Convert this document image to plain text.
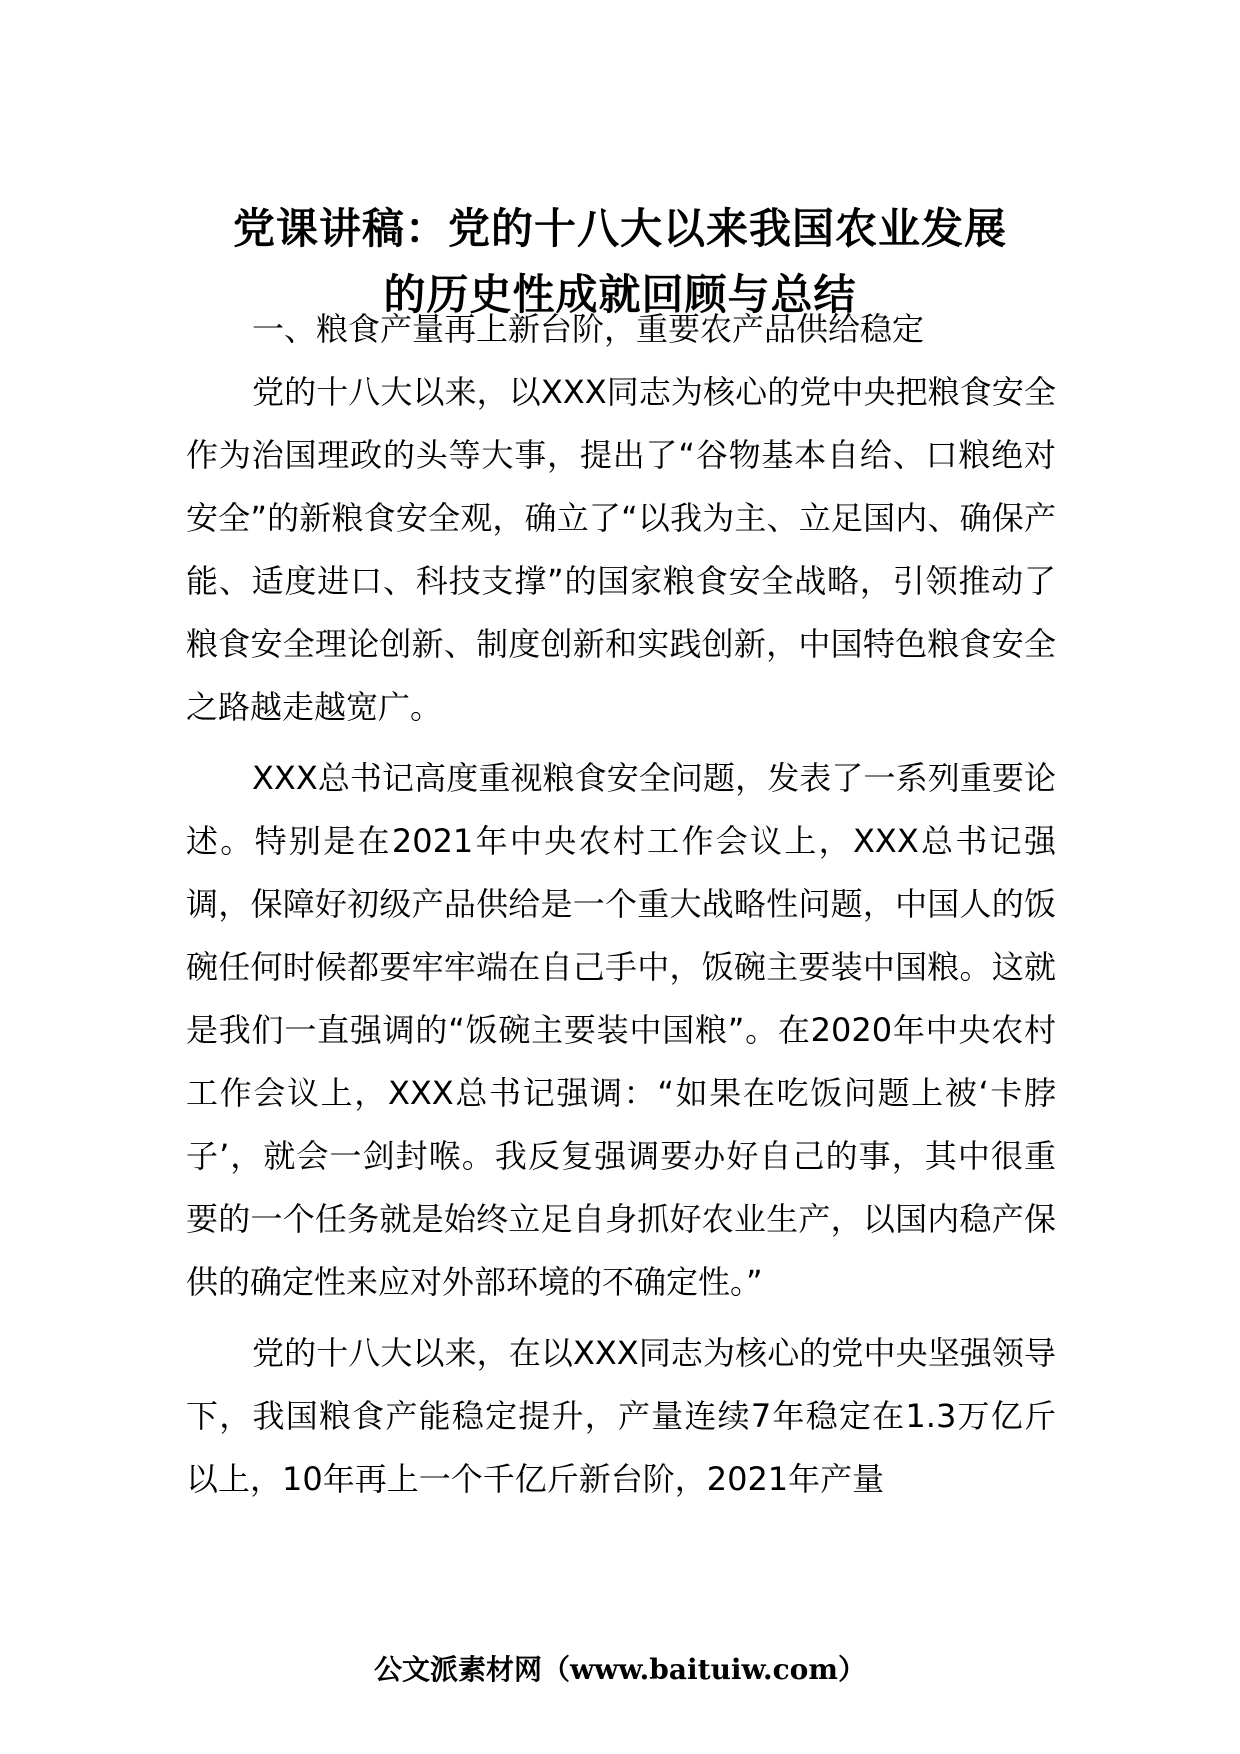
党课讲稿：党的十八大以来我国农业发展
的历史性成就回顾与总结
一、粮食产量再上新台阶，重要农产品供给稳定

党的十八大以来，以XXX同志为核心的党中央把粮食安全作为治国理政的头等大事，提出了“谷物基本自给、口粮绝对安全”的新粮食安全观，确立了“以我为主、立足国内、确保产能、适度进口、科技支撑”的国家粮食安全战略，引领推动了粮食安全理论创新、制度创新和实践创新，中国特色粮食安全之路越走越宽广。

XXX总书记高度重视粮食安全问题，发表了一系列重要论述。特别是在2021年中央农村工作会议上，XXX总书记强调，保障好初级产品供给是一个重大战略性问题，中国人的饭碗任何时候都要牢牢端在自己手中，饭碗主要装中国粮。这就是我们一直强调的“饭碗主要装中国粮”。在2020年中央农村工作会议上，XXX总书记强调：“如果在吃饭问题上被‘卡脖子’，就会一剑封喉。我反复强调要办好自己的事，其中很重要的一个任务就是始终立足自身抓好农业生产，以国内稳产保供的确定性来应对外部环境的不确定性。”

党的十八大以来，在以XXX同志为核心的党中央坚强领导下，我国粮食产能稳定提升，产量连续7年稳定在1.3万亿斤以上，10年再上一个千亿斤新台阶，2021年产量

公文派素材网（www.baituiw.com）
